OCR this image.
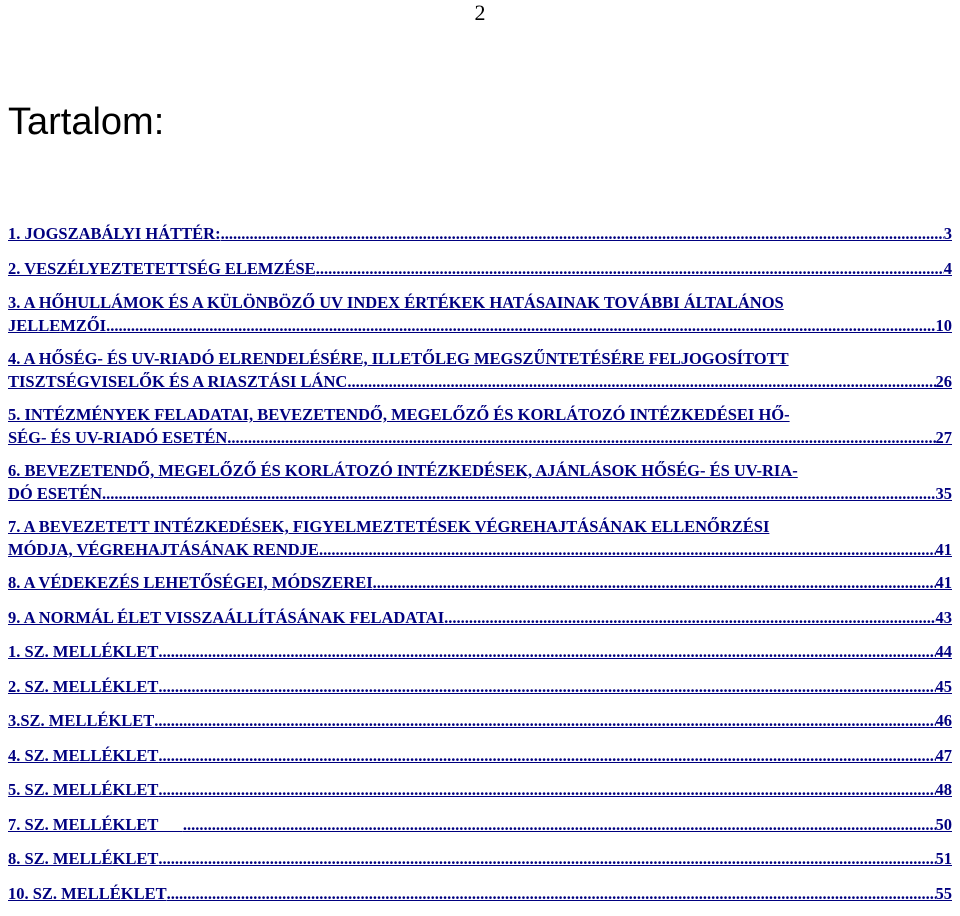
2
Tartalom:
1. JOGSZABÁLYI HÁTTÉR: .....	3
2. VESZÉLYEZTETETTSÉG ELEMZÉSE .....	4
3. A HŐHULLÁMOK ÉS A KÜLÖNBÖZŐ UV INDEX ÉRTÉKEK HATÁSAINAK TOVÁBBI ÁLTALÁNOS
JELLEMZŐI .....	10
4. A HŐSÉG- ÉS UV-RIADÓ ELRENDELÉSÉRE, ILLETŐLEG MEGSZŰNTETÉSÉRE FELJOGOSÍTOTT
TISZTSÉGVISELŐK ÉS A RIASZTÁSI LÁNC .....	26
5. INTÉZMÉNYEK FELADATAI, BEVEZETENDŐ, MEGELŐZŐ ÉS KORLÁTOZÓ INTÉZKEDÉSEI HŐ-
SÉG- ÉS UV-RIADÓ ESETÉN .....	27
6. BEVEZETENDŐ, MEGELŐZŐ ÉS KORLÁTOZÓ INTÉZKEDÉSEK, AJÁNLÁSOK HŐSÉG- ÉS UV-RIA-
DÓ ESETÉN .....	35
7. A BEVEZETETT INTÉZKEDÉSEK, FIGYELMEZTETÉSEK VÉGREHAJTÁSÁNAK ELLENŐRZÉSI
MÓDJA, VÉGREHAJTÁSÁNAK RENDJE .....	41
8. A VÉDEKEZÉS LEHETŐSÉGEI, MÓDSZEREI .....	41
9. A NORMÁL ÉLET VISSZAÁLLÍTÁSÁNAK FELADATAI .....	43
1. SZ. MELLÉKLET .....	44
2. SZ. MELLÉKLET .....	45
3.SZ. MELLÉKLET .....	46
4. SZ. MELLÉKLET .....	47
5. SZ. MELLÉKLET .....	48
7. SZ. MELLÉKLET .....	50
8. SZ. MELLÉKLET .....	51
10. SZ. MELLÉKLET .....	55
